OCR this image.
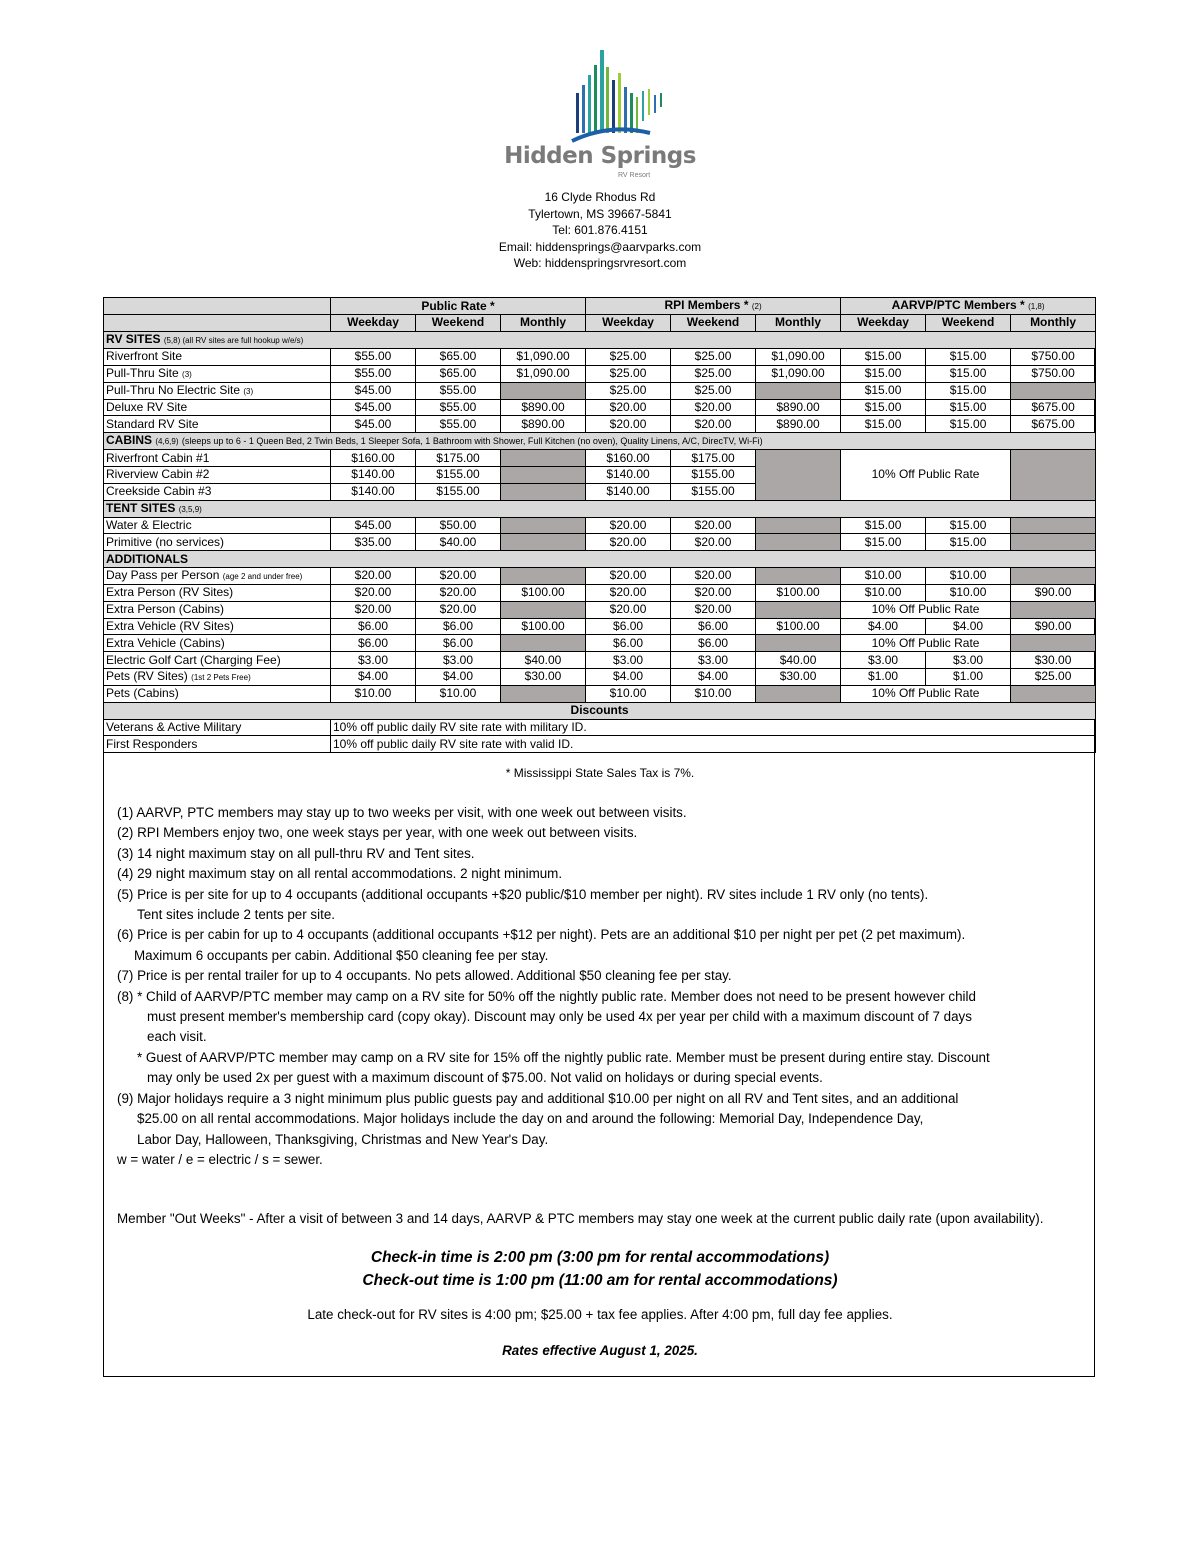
Hidden Springs
RV Resort
16 Clyde Rhodus Rd
Tylertown, MS 39667-5841
Tel: 601.876.4151
Email: hiddensprings@aarvparks.com
Web: hiddenspringsrvresort.com
	Public Rate *			RPI Members * (2)			AARVP/PTC Members * (1,8)		
	Weekday	Weekend	Monthly	Weekday	Weekend	Monthly	Weekday	Weekend	Monthly
RV SITES (5,8) (all RV sites are full hookup w/e/s)									
Riverfront Site	$55.00	$65.00	$1,090.00	$25.00	$25.00	$1,090.00	$15.00	$15.00	$750.00
Pull-Thru Site (3)	$55.00	$65.00	$1,090.00	$25.00	$25.00	$1,090.00	$15.00	$15.00	$750.00
Pull-Thru No Electric Site (3)	$45.00	$55.00		$25.00	$25.00		$15.00	$15.00	
Deluxe RV Site	$45.00	$55.00	$890.00	$20.00	$20.00	$890.00	$15.00	$15.00	$675.00
Standard RV Site	$45.00	$55.00	$890.00	$20.00	$20.00	$890.00	$15.00	$15.00	$675.00
CABINS (4,6,9) (sleeps up to 6 - 1 Queen Bed, 2 Twin Beds, 1 Sleeper Sofa, 1 Bathroom with Shower, Full Kitchen (no oven), Quality Linens, A/C, DirecTV, Wi-Fi)									
Riverfront Cabin #1	$160.00	$175.00		$160.00	$175.00		10% Off Public Rate		
Riverview Cabin #2	$140.00	$155.00		$140.00	$155.00				
Creekside Cabin #3	$140.00	$155.00		$140.00	$155.00				
TENT SITES (3,5,9)									
Water & Electric	$45.00	$50.00		$20.00	$20.00		$15.00	$15.00	
Primitive (no services)	$35.00	$40.00		$20.00	$20.00		$15.00	$15.00	
ADDITIONALS									
Day Pass per Person (age 2 and under free)	$20.00	$20.00		$20.00	$20.00		$10.00	$10.00	
Extra Person (RV Sites)	$20.00	$20.00	$100.00	$20.00	$20.00	$100.00	$10.00	$10.00	$90.00
Extra Person (Cabins)	$20.00	$20.00		$20.00	$20.00		10% Off Public Rate		
Extra Vehicle (RV Sites)	$6.00	$6.00	$100.00	$6.00	$6.00	$100.00	$4.00	$4.00	$90.00
Extra Vehicle (Cabins)	$6.00	$6.00		$6.00	$6.00		10% Off Public Rate		
Electric Golf Cart (Charging Fee)	$3.00	$3.00	$40.00	$3.00	$3.00	$40.00	$3.00	$3.00	$30.00
Pets (RV Sites) (1st 2 Pets Free)	$4.00	$4.00	$30.00	$4.00	$4.00	$30.00	$1.00	$1.00	$25.00
Pets (Cabins)	$10.00	$10.00		$10.00	$10.00		10% Off Public Rate		
Discounts									
Veterans & Active Military	10% off public daily RV site rate with military ID.								
First Responders	10% off public daily RV site rate with valid ID.								
* Mississippi State Sales Tax is 7%.
(1) AARVP, PTC members may stay up to two weeks per visit, with one week out between visits.
(2) RPI Members enjoy two, one week stays per year, with one week out between visits.
(3) 14 night maximum stay on all pull-thru RV and Tent sites.
(4) 29 night maximum stay on all rental accommodations. 2 night minimum.
(5) Price is per site for up to 4 occupants (additional occupants +$20 public/$10 member per night). RV sites include 1 RV only (no tents).
Tent sites include 2 tents per site.
(6) Price is per cabin for up to 4 occupants (additional occupants +$12 per night). Pets are an additional $10 per night per pet (2 pet maximum).
Maximum 6 occupants per cabin. Additional $50 cleaning fee per stay.
(7) Price is per rental trailer for up to 4 occupants. No pets allowed. Additional $50 cleaning fee per stay.
(8) * Child of AARVP/PTC member may camp on a RV site for 50% off the nightly public rate. Member does not need to be present however child
must present member's membership card (copy okay). Discount may only be used 4x per year per child with a maximum discount of 7 days
each visit.
* Guest of AARVP/PTC member may camp on a RV site for 15% off the nightly public rate. Member must be present during entire stay. Discount
may only be used 2x per guest with a maximum discount of $75.00. Not valid on holidays or during special events.
(9) Major holidays require a 3 night minimum plus public guests pay and additional $10.00 per night on all RV and Tent sites, and an additional
$25.00 on all rental accommodations. Major holidays include the day on and around the following: Memorial Day, Independence Day,
Labor Day, Halloween, Thanksgiving, Christmas and New Year's Day.
w = water / e = electric / s = sewer.
Member "Out Weeks" - After a visit of between 3 and 14 days, AARVP & PTC members may stay one week at the current public daily rate (upon availability).
Check-in time is 2:00 pm (3:00 pm for rental accommodations)
Check-out time is 1:00 pm (11:00 am for rental accommodations)
Late check-out for RV sites is 4:00 pm; $25.00 + tax fee applies. After 4:00 pm, full day fee applies.
Rates effective August 1, 2025.
